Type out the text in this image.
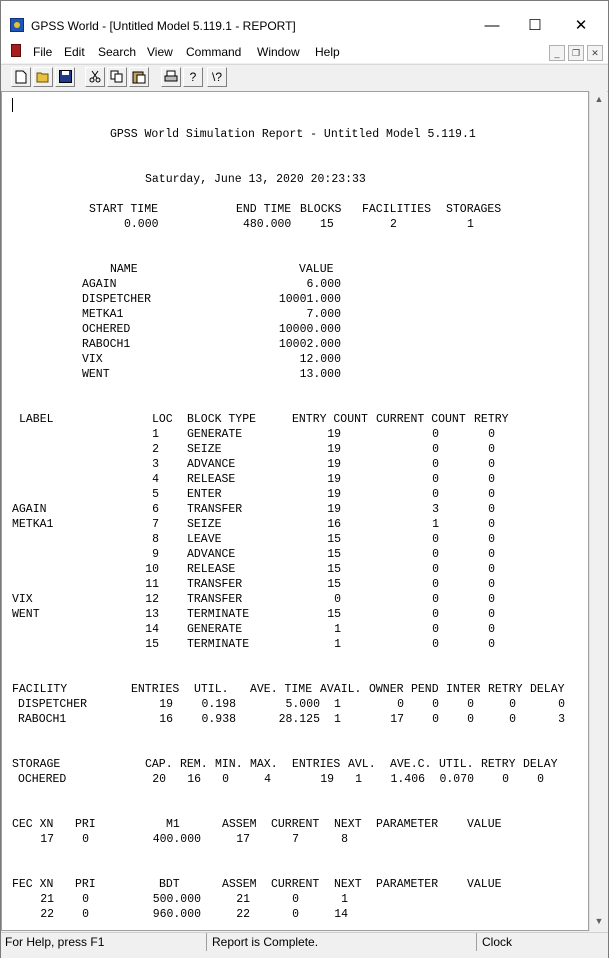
GPSS World - [Untitled Model 5.119.1 - REPORT]	—	☐	✕
File Edit Search View Command Window Help	_	❐	✕
?	\?
▲
▼
GPSS World Simulation Report - Untitled Model 5.119.1
Saturday, June 13, 2020 20:23:33
START TIME	END TIME BLOCKS FACILITIES STORAGES
0.000	480.000 15	2	1
NAME	VALUE
AGAIN	6.000
DISPETCHER	10001.000
METKA1	7.000
OCHERED	10000.000
RABOCH1	10002.000
VIX	12.000
WENT	13.000
LABEL	LOC BLOCK TYPE	ENTRY COUNT CURRENT COUNT RETRY
1 GENERATE	19	0	0
2 SEIZE	19	0	0
3 ADVANCE	19	0	0
4 RELEASE	19	0	0
5 ENTER	19	0	0
AGAIN	6 TRANSFER	19	3	0
METKA1	7 SEIZE	16	1	0
8 LEAVE	15	0	0
9 ADVANCE	15	0	0
10 RELEASE	15	0	0
11 TRANSFER	15	0	0
VIX	12 TRANSFER	0	0	0
WENT	13 TERMINATE	15	0	0
14 GENERATE	1	0	0
15 TERMINATE	1	0	0
FACILITY	ENTRIES UTIL. AVE. TIME AVAIL. OWNER PEND INTER RETRY DELAY
DISPETCHER	19 0.198	5.000 1	0 0 0	0	0
RABOCH1	16 0.938	28.125 1	17 0 0	0	3
STORAGE	CAP. REM. MIN. MAX. ENTRIES AVL. AVE.C. UTIL. RETRY DELAY
OCHERED	20 16 0	4	19 1 1.406 0.070 0 0
CEC XN PRI	M1	ASSEM CURRENT NEXT PARAMETER	VALUE
17 0	400.000	17	7	8
FEC XN PRI	BDT	ASSEM CURRENT NEXT PARAMETER	VALUE
21 0	500.000	21	0	1
22 0	960.000	22	0	14
For Help, press F1	Report is Complete.	Clock
